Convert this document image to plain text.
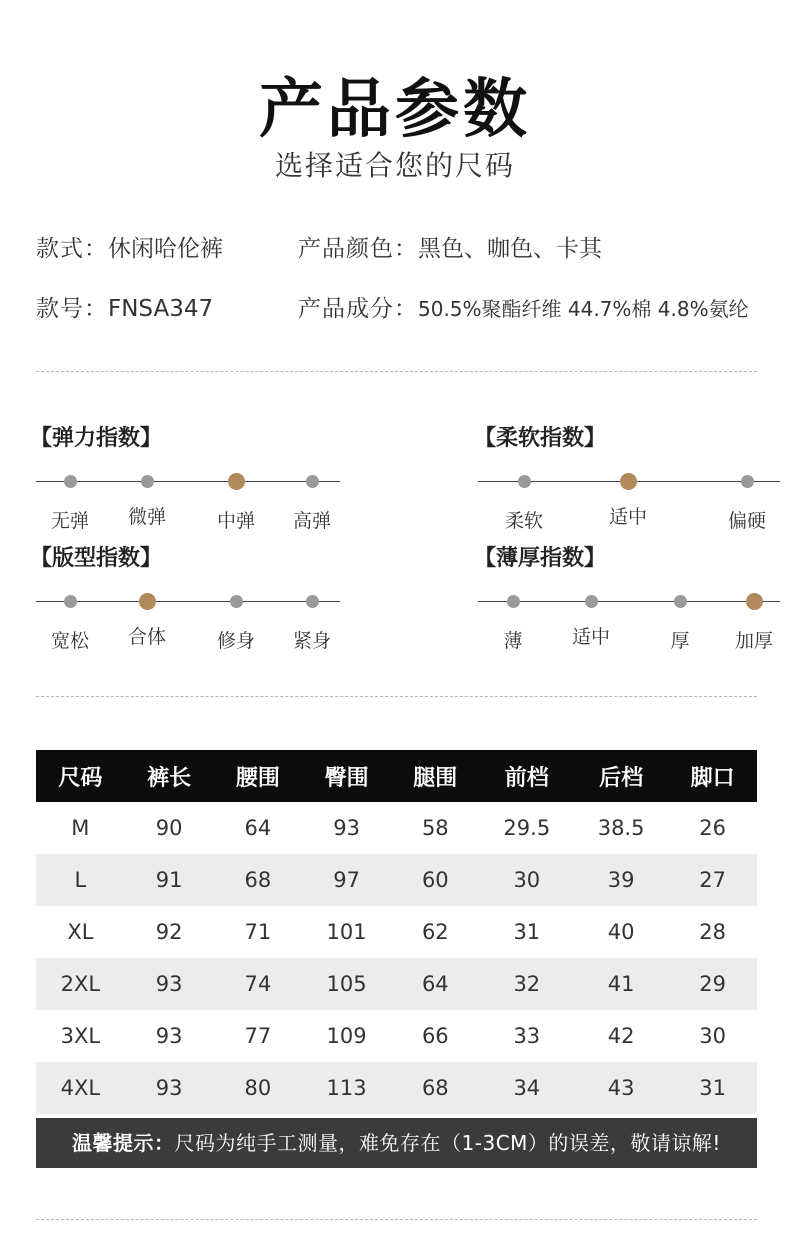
产品参数
选择适合您的尺码
款式：休闲哈伦裤	产品颜色：黑色、咖色、卡其
款号：FNSA347	产品成分：50.5%聚酯纤维 44.7%棉 4.8%氨纶
【弹力指数】
无弹	微弹	中弹	高弹
【柔软指数】
柔软	适中	偏硬
【版型指数】
宽松	合体	修身	紧身
【薄厚指数】
薄	适中	厚	加厚
尺码	裤长	腰围	臀围	腿围	前档	后档	脚口
M	90	64	93	58	29.5	38.5	26
L	91	68	97	60	30	39	27
XL	92	71	101	62	31	40	28
2XL	93	74	105	64	32	41	29
3XL	93	77	109	66	33	42	30
4XL	93	80	113	68	34	43	31
温馨提示：尺码为纯手工测量，难免存在（1-3CM）的误差，敬请谅解!
